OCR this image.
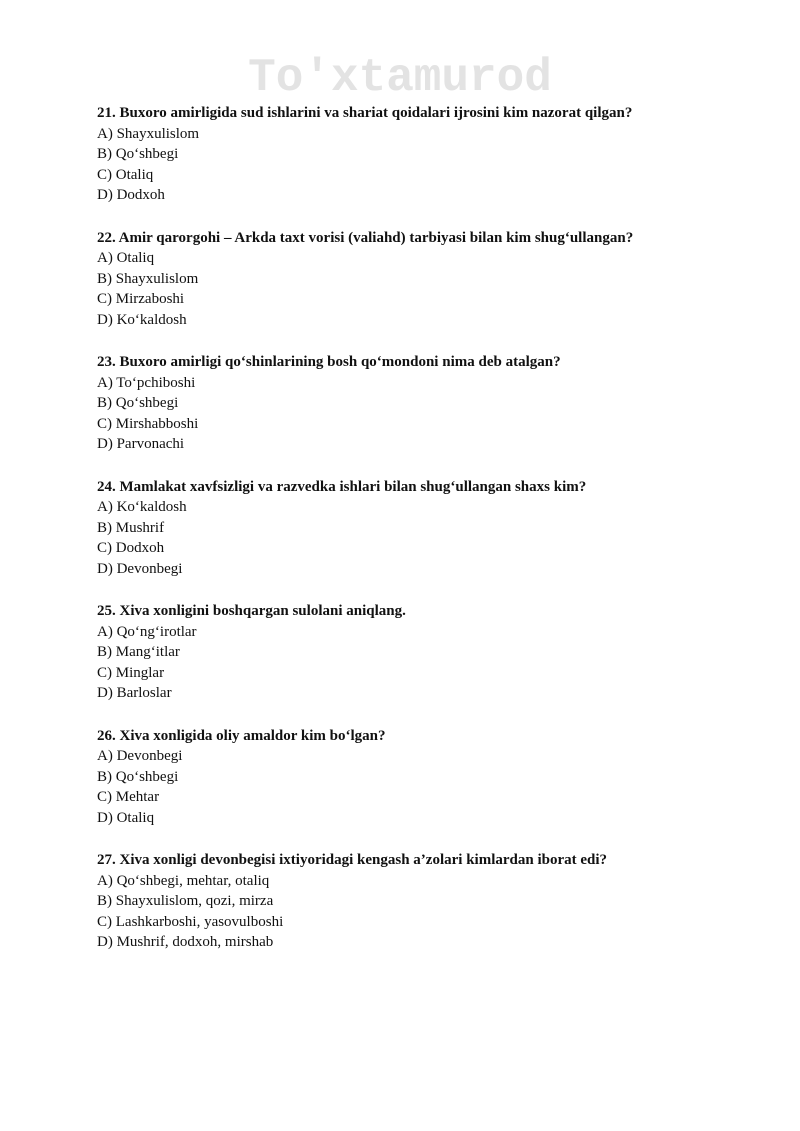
To'xtamurod

21. Buxoro amirligida sud ishlarini va shariat qoidalari ijrosini kim nazorat qilgan?

A) Shayxulislom

B) Qo‘shbegi

C) Otaliq

D) Dodxoh

22. Amir qarorgohi – Arkda taxt vorisi (valiahd) tarbiyasi bilan kim shug‘ullangan?

A) Otaliq

B) Shayxulislom

C) Mirzaboshi

D) Ko‘kaldosh

23. Buxoro amirligi qo‘shinlarining bosh qo‘mondoni nima deb atalgan?

A) To‘pchiboshi

B) Qo‘shbegi

C) Mirshabboshi

D) Parvonachi

24. Mamlakat xavfsizligi va razvedka ishlari bilan shug‘ullangan shaxs kim?

A) Ko‘kaldosh

B) Mushrif

C) Dodxoh

D) Devonbegi

25. Xiva xonligini boshqargan sulolani aniqlang.

A) Qo‘ng‘irotlar

B) Mang‘itlar

C) Minglar

D) Barloslar

26. Xiva xonligida oliy amaldor kim bo‘lgan?

A) Devonbegi

B) Qo‘shbegi

C) Mehtar

D) Otaliq

27. Xiva xonligi devonbegisi ixtiyoridagi kengash a’zolari kimlardan iborat edi?

A) Qo‘shbegi, mehtar, otaliq

B) Shayxulislom, qozi, mirza

C) Lashkarboshi, yasovulboshi

D) Mushrif, dodxoh, mirshab
